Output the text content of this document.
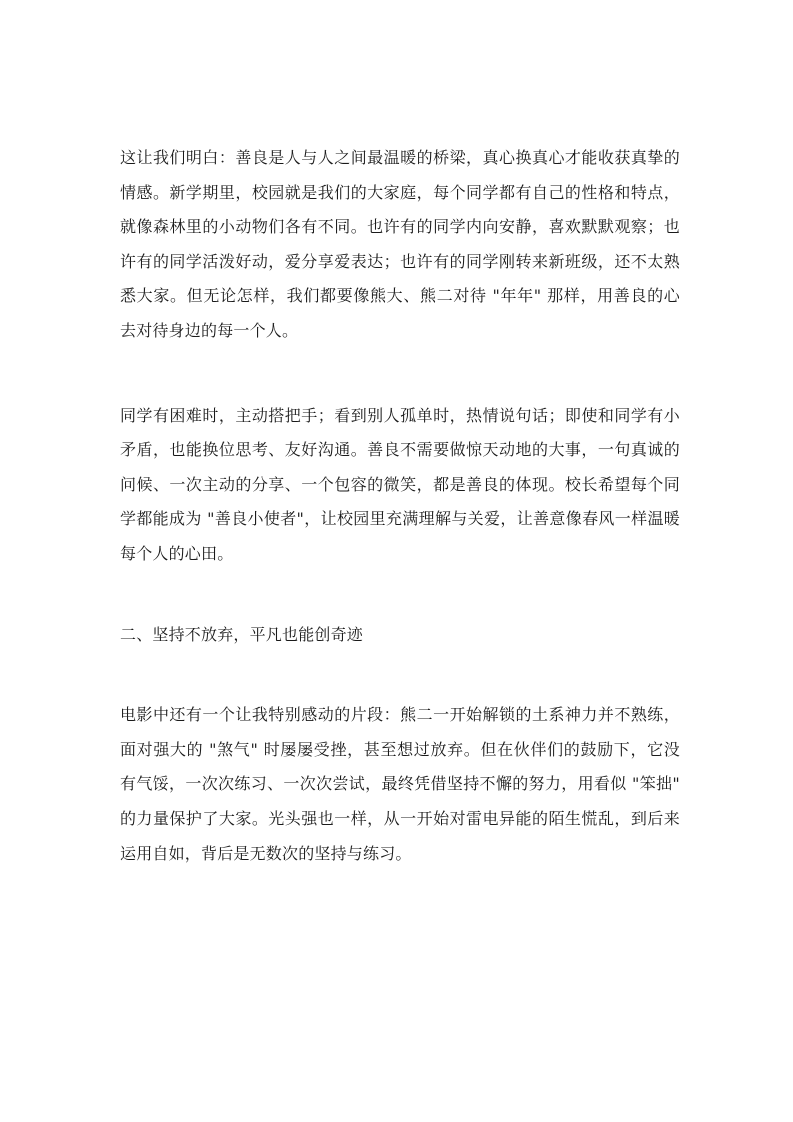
这让我们明白：善良是人与人之间最温暖的桥梁，真心换真心才能收获真挚的情感。新学期里，校园就是我们的大家庭，每个同学都有自己的性格和特点，就像森林里的小动物们各有不同。也许有的同学内向安静，喜欢默默观察；也许有的同学活泼好动，爱分享爱表达；也许有的同学刚转来新班级，还不太熟悉大家。但无论怎样，我们都要像熊大、熊二对待 "年年" 那样，用善良的心去对待身边的每一个人。

同学有困难时，主动搭把手；看到别人孤单时，热情说句话；即使和同学有小矛盾，也能换位思考、友好沟通。善良不需要做惊天动地的大事，一句真诚的问候、一次主动的分享、一个包容的微笑，都是善良的体现。校长希望每个同学都能成为 "善良小使者"，让校园里充满理解与关爱，让善意像春风一样温暖每个人的心田。

二、坚持不放弃，平凡也能创奇迹

电影中还有一个让我特别感动的片段：熊二一开始解锁的土系神力并不熟练，面对强大的 "煞气" 时屡屡受挫，甚至想过放弃。但在伙伴们的鼓励下，它没有气馁，一次次练习、一次次尝试，最终凭借坚持不懈的努力，用看似 "笨拙" 的力量保护了大家。光头强也一样，从一开始对雷电异能的陌生慌乱，到后来运用自如，背后是无数次的坚持与练习。
